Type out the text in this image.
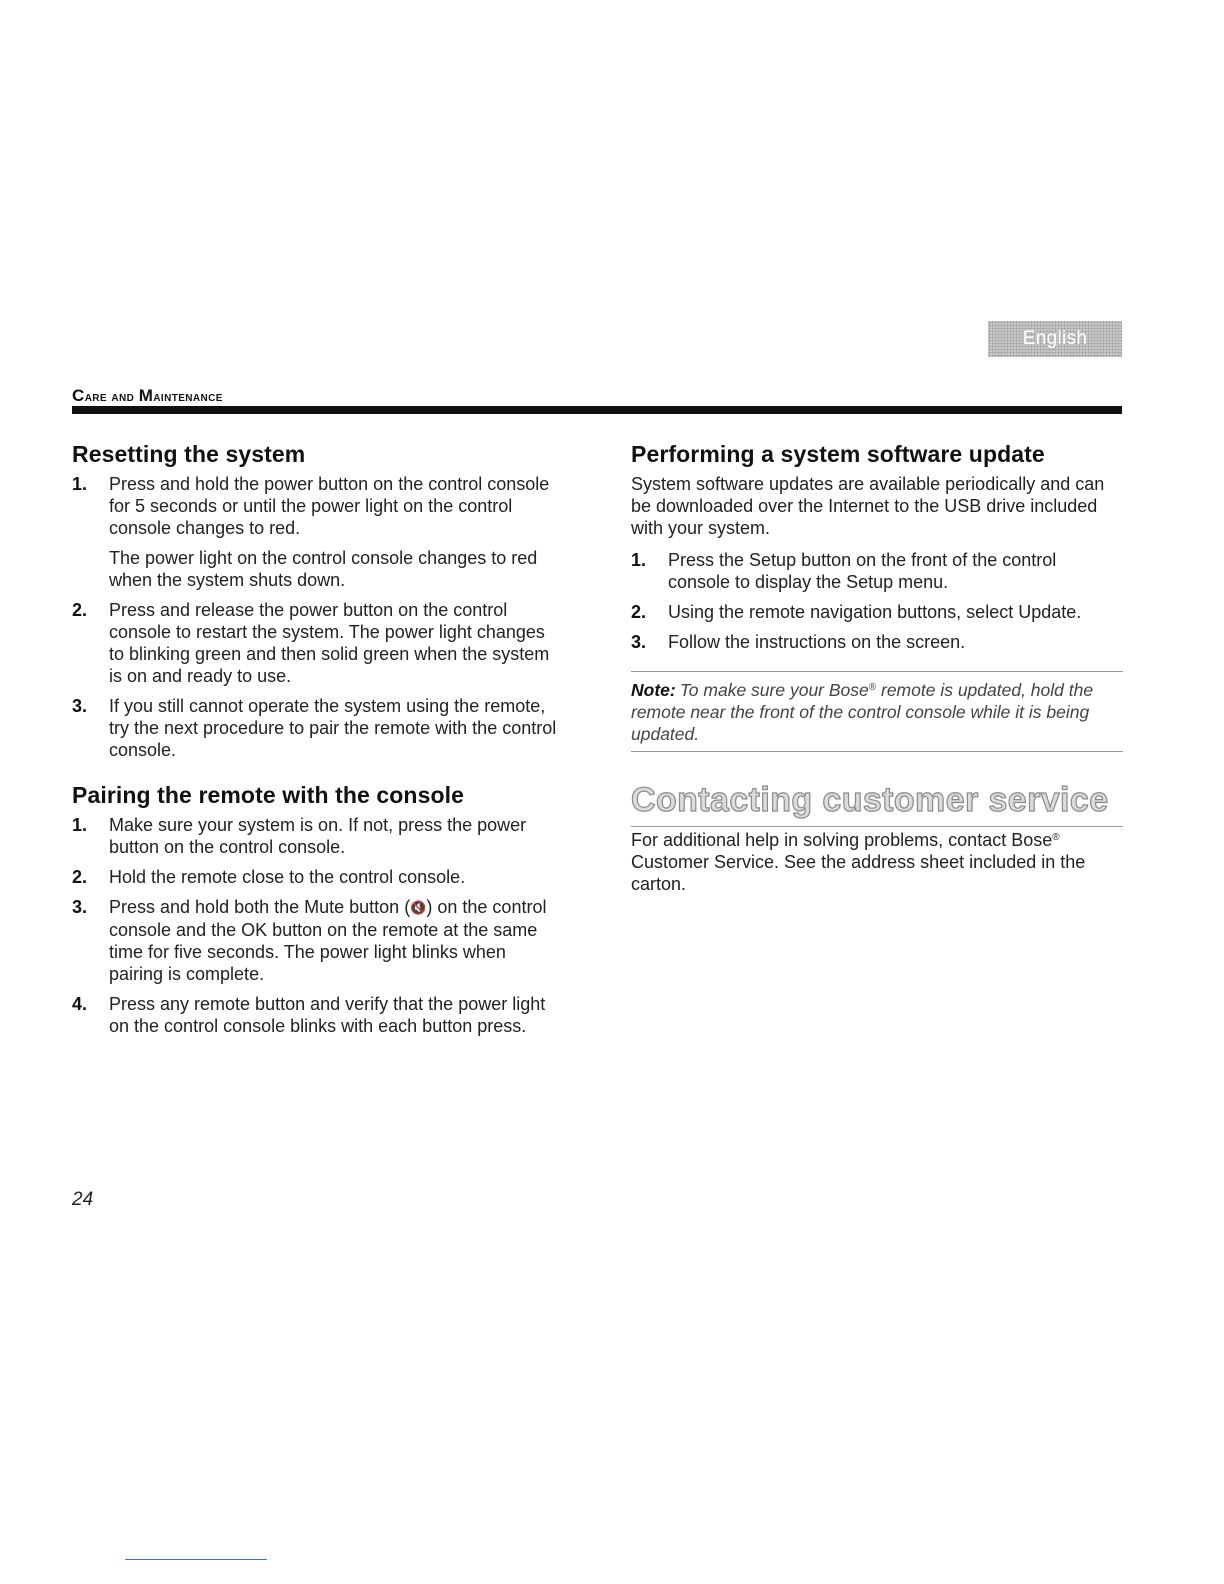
English
Care and Maintenance
Resetting the system
1. Press and hold the power button on the control console for 5 seconds or until the power light on the control console changes to red.
The power light on the control console changes to red when the system shuts down.
2. Press and release the power button on the control console to restart the system. The power light changes to blinking green and then solid green when the system is on and ready to use.
3. If you still cannot operate the system using the remote, try the next procedure to pair the remote with the control console.
Pairing the remote with the console
1. Make sure your system is on. If not, press the power button on the control console.
2. Hold the remote close to the control console.
3. Press and hold both the Mute button (🔇) on the control console and the OK button on the remote at the same time for five seconds. The power light blinks when pairing is complete.
4. Press any remote button and verify that the power light on the control console blinks with each button press.
Performing a system software update

System software updates are available periodically and can be downloaded over the Internet to the USB drive included with your system.

1. Press the Setup button on the front of the control console to display the Setup menu.
2. Using the remote navigation buttons, select Update.
3. Follow the instructions on the screen.
Note: To make sure your Bose® remote is updated, hold the remote near the front of the control console while it is being updated.
Contacting customer service

For additional help in solving problems, contact Bose® Customer Service. See the address sheet included in the carton.

24
